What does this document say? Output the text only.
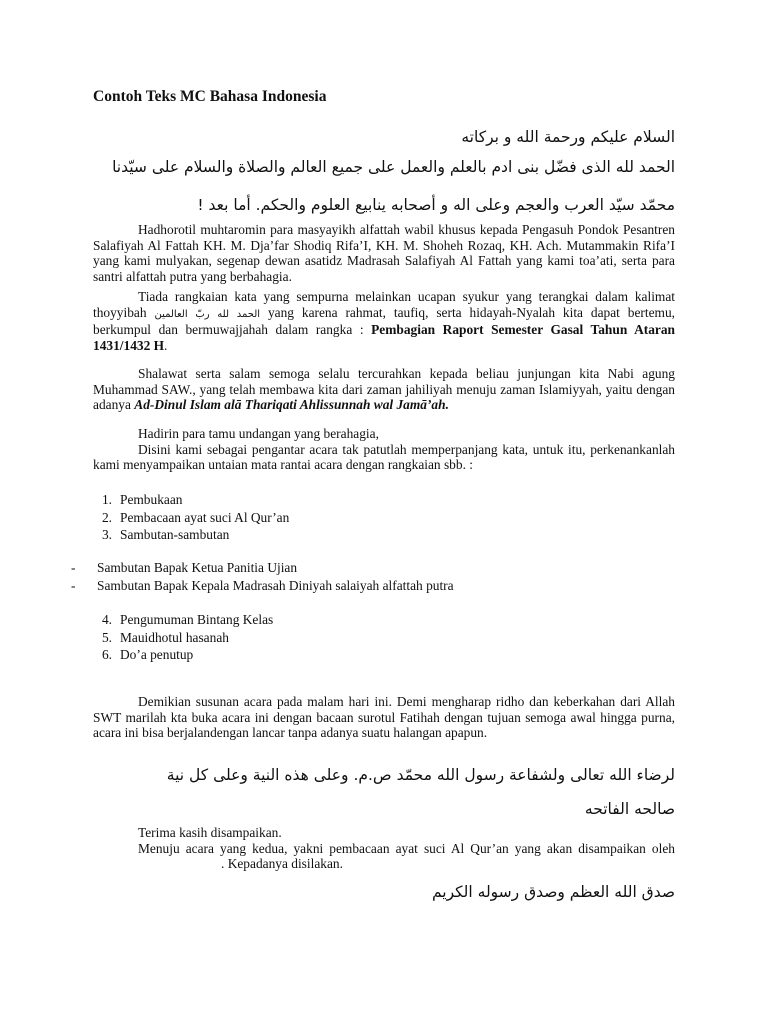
Contoh Teks MC Bahasa Indonesia
السلام عليكم ورحمة الله و بركاته
الحمد لله الذى فضّل بنى ادم بالعلم والعمل على جميع العالم والصلاة والسلام على سيّدنا
محمّد سيّد العرب والعجم وعلى اله و أصحابه ينابيع العلوم والحكم. أما بعد !

Hadhorotil muhtaromin para masyayikh alfattah wabil khusus kepada Pengasuh Pondok Pesantren Salafiyah Al Fattah KH. M. Dja’far Shodiq Rifa’I, KH. M. Shoheh Rozaq, KH. Ach. Mutammakin Rifa’I yang kami mulyakan, segenap dewan asatidz Madrasah Salafiyah Al Fattah yang kami toa’ati, serta para santri alfattah putra yang berbahagia.

Tiada rangkaian kata yang sempurna melainkan ucapan syukur yang terangkai dalam kalimat thoyyibah الحمد لله ربّ العالمين yang karena rahmat, taufiq, serta hidayah-Nyalah kita dapat bertemu, berkumpul dan bermuwajjahah dalam rangka : Pembagian Raport Semester Gasal Tahun Ataran 1431/1432 H.

Shalawat serta salam semoga selalu tercurahkan kepada beliau junjungan kita Nabi agung Muhammad SAW., yang telah membawa kita dari zaman jahiliyah menuju zaman Islamiyyah, yaitu dengan adanya Ad-Dinul Islam alā Thariqati Ahlissunnah wal Jamā’ah.

Hadirin para tamu undangan yang berahagia,
Disini kami sebagai pengantar acara tak patutlah memperpanjang kata, untuk itu, perkenankanlah kami menyampaikan untaian mata rantai acara dengan rangkaian sbb. :
1. Pembukaan
2. Pembacaan ayat suci Al Qur’an
3. Sambutan-sambutan
-	Sambutan Bapak Ketua Panitia Ujian
-	Sambutan Bapak Kepala Madrasah Diniyah salaiyah alfattah putra
4. Pengumuman Bintang Kelas
5. Mauidhotul hasanah
6. Do’a penutup

Demikian susunan acara pada malam hari ini. Demi mengharap ridho dan keberkahan dari Allah SWT marilah kta buka acara ini dengan bacaan surotul Fatihah dengan tujuan semoga awal hingga purna, acara ini bisa berjalandengan lancar tanpa adanya suatu halangan apapun.

لرضاء الله تعالى ولشفاعة رسول الله محمّد ص.م. وعلى هذه النية وعلى كل نية
صالحه الفاتحه
Terima kasih disampaikan.
Menuju acara yang kedua, yakni pembacaan ayat suci Al Qur’an yang akan disampaikan oleh. Kepadanya disilakan.
صدق الله العظم وصدق رسوله الكريم
